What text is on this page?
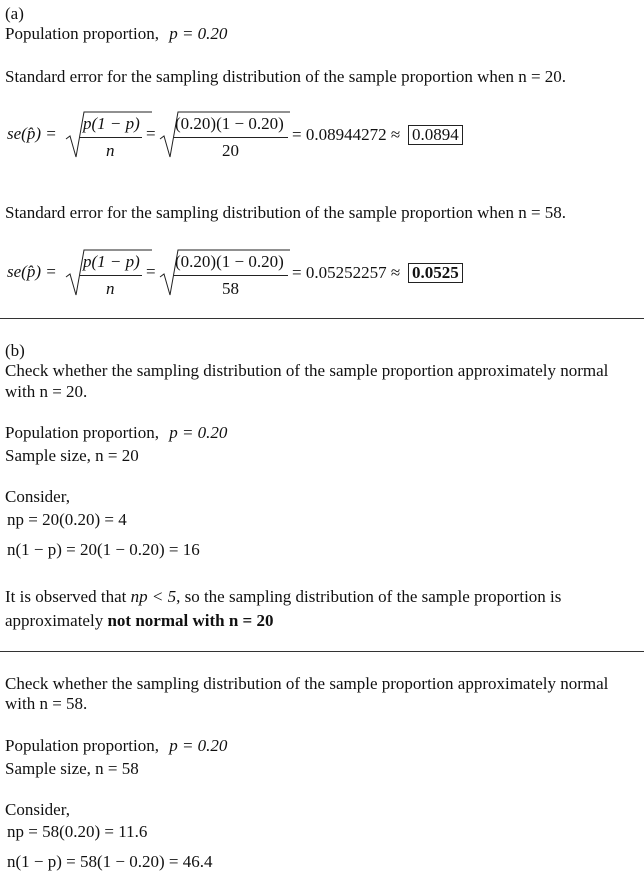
(a)
Population proportion, p = 0.20
Standard error for the sampling distribution of the sample proportion when n = 20.
se(p̂) =
p(1 − p)
n
=
(0.20)(1 − 0.20)
20
= 0.08944272 ≈ 0.0894
Standard error for the sampling distribution of the sample proportion when n = 58.
se(p̂) =
p(1 − p)
n
=
(0.20)(1 − 0.20)
58
= 0.05252257 ≈ 0.0525
(b)
Check whether the sampling distribution of the sample proportion approximately normal
with n = 20.
Population proportion, p = 0.20
Sample size, n = 20
Consider,
np = 20(0.20) = 4
n(1 − p) = 20(1 − 0.20) = 16
It is observed that np < 5, so the sampling distribution of the sample proportion is
approximately not normal with n = 20
Check whether the sampling distribution of the sample proportion approximately normal
with n = 58.
Population proportion, p = 0.20
Sample size, n = 58
Consider,
np = 58(0.20) = 11.6
n(1 − p) = 58(1 − 0.20) = 46.4
